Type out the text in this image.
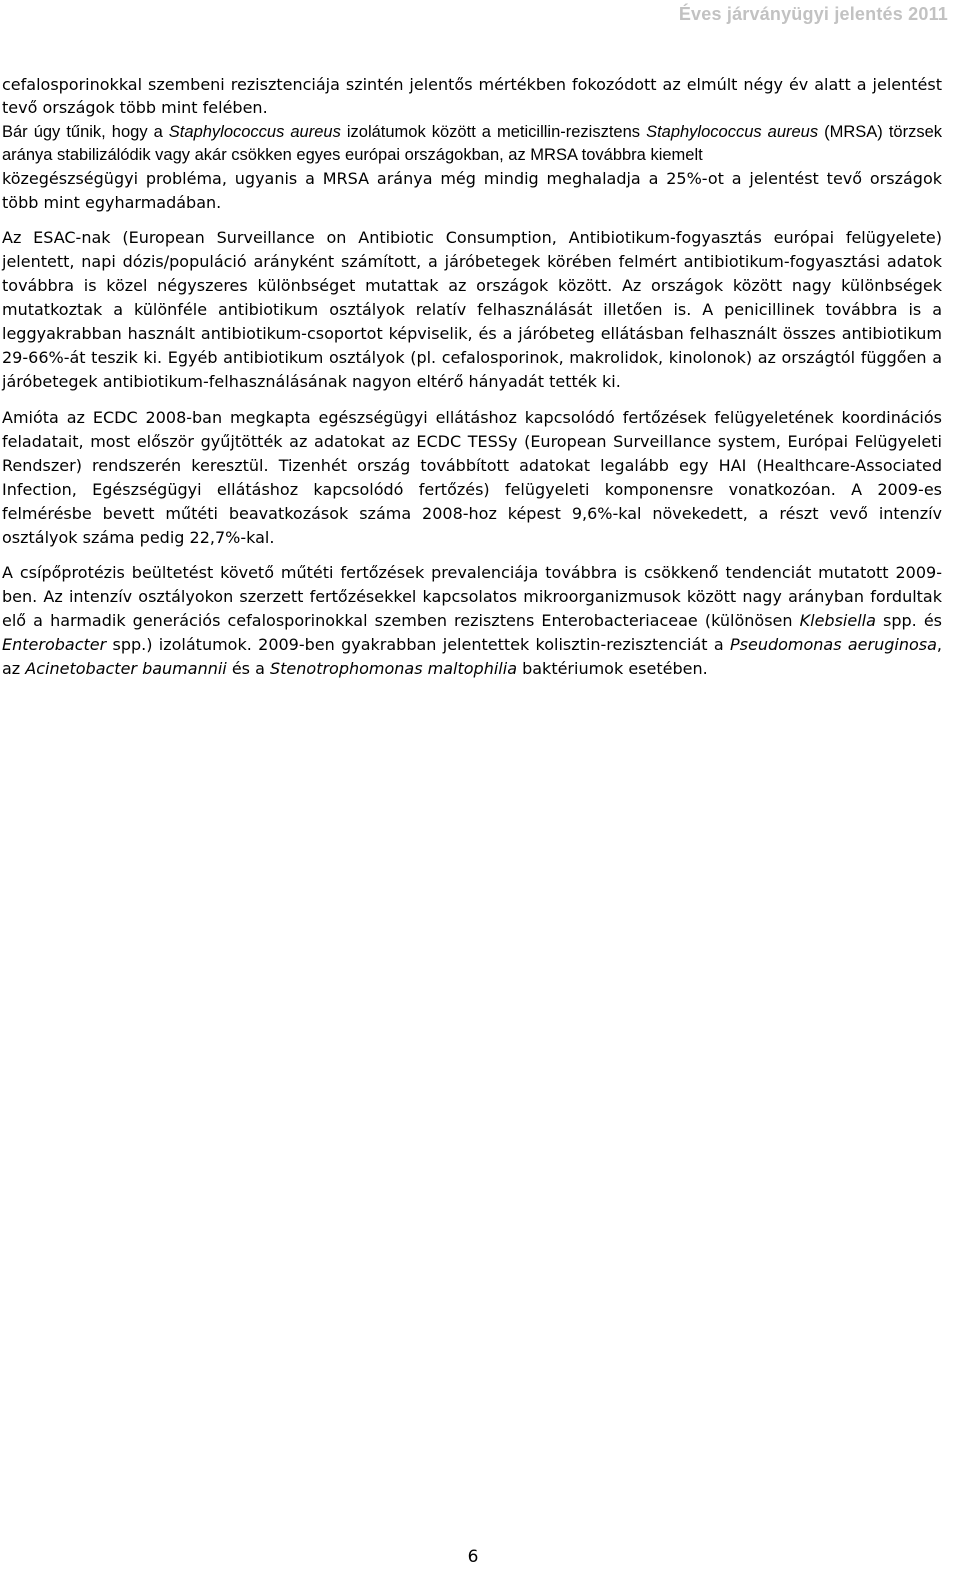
Éves járványügyi jelentés 2011

cefalosporinokkal szembeni rezisztenciája szintén jelentős mértékben fokozódott az elmúlt négy év alatt a jelentést tevő országok több mint felében.

Bár úgy tűnik, hogy a Staphylococcus aureus izolátumok között a meticillin-rezisztens Staphylococcus aureus (MRSA) törzsek aránya stabilizálódik vagy akár csökken egyes európai országokban, az MRSA továbbra kiemelt

közegészségügyi probléma, ugyanis a MRSA aránya még mindig meghaladja a 25%-ot a jelentést tevő országok több mint egyharmadában.

Az ESAC-nak (European Surveillance on Antibiotic Consumption, Antibiotikum-fogyasztás európai felügyelete) jelentett, napi dózis/populáció arányként számított, a járóbetegek körében felmért antibiotikum-fogyasztási adatok továbbra is közel négyszeres különbséget mutattak az országok között. Az országok között nagy különbségek mutatkoztak a különféle antibiotikum osztályok relatív felhasználását illetően is. A penicillinek továbbra is a leggyakrabban használt antibiotikum-csoportot képviselik, és a járóbeteg ellátásban felhasznált összes antibiotikum 29-66%-át teszik ki. Egyéb antibiotikum osztályok (pl. cefalosporinok, makrolidok, kinolonok) az országtól függően a járóbetegek antibiotikum-felhasználásának nagyon eltérő hányadát tették ki.

Amióta az ECDC 2008-ban megkapta egészségügyi ellátáshoz kapcsolódó fertőzések felügyeletének koordinációs feladatait, most először gyűjtötték az adatokat az ECDC TESSy (European Surveillance system, Európai Felügyeleti Rendszer) rendszerén keresztül. Tizenhét ország továbbított adatokat legalább egy HAI (Healthcare-Associated Infection, Egészségügyi ellátáshoz kapcsolódó fertőzés) felügyeleti komponensre vonatkozóan. A 2009-es felmérésbe bevett műtéti beavatkozások száma 2008-hoz képest 9,6%-kal növekedett, a részt vevő intenzív osztályok száma pedig 22,7%-kal.

A csípőprotézis beültetést követő műtéti fertőzések prevalenciája továbbra is csökkenő tendenciát mutatott 2009-ben. Az intenzív osztályokon szerzett fertőzésekkel kapcsolatos mikroorganizmusok között nagy arányban fordultak elő a harmadik generációs cefalosporinokkal szemben rezisztens Enterobacteriaceae (különösen Klebsiella spp. és Enterobacter spp.) izolátumok. 2009-ben gyakrabban jelentettek kolisztin-rezisztenciát a Pseudomonas aeruginosa, az Acinetobacter baumannii és a Stenotrophomonas maltophilia baktériumok esetében.

6
